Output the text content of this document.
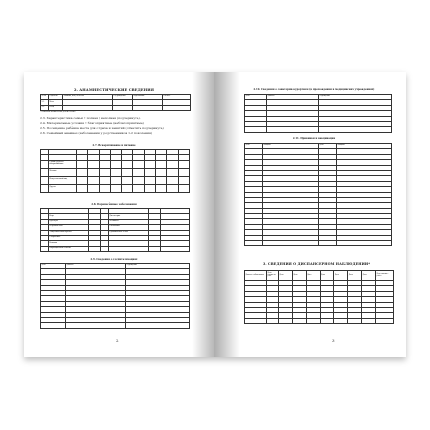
2. АНАМНЕСТИЧЕСКИЕ СВЕДЕНИЯ
№ п/п	Родители	Фамилия, имя, отчество	Год рождения	Образование	Раб.мес.
2.1.	Мать				
2.2.	Отец				
* Отметить количество детей в семье
2.3. Характеристика семьи • полная / неполная (подчеркнуть).
2.4. Материальные условия • благоприятные (неблагоприятные)
2.5. Посещение ребёнка места для отдыха и занятий (отметить подчеркнуть)
2.6. Семейный анамнез (заболевания у родственников 1-2 поколения)
2.7. Вскармливание и питание

	Сроки грудного вскармливания										
	Молоко										
	Искусственный вид										
	Другое										
2.8. Перенесённые заболевания

	Корь			Дизентерия		
	Краснуха			Менингит		
	Ветряная оспа			Пневмония		
	Эпидемический паротит			Бронхиальная астма		
	Скарлатина					
	Коклюш					
	Инфекционный гепатит					
2.9. Сведения о госпитализациях
Дата	Диагноз	Учреждение

2
2.10. Сведения о санатории-курортном (в прохождении в медицинских учреждениях)
Дата	Диагноз	Учреждение

2.11. Прививки и вакцинация
Дата	Вакцина	Дата	Вакцина

3. СВЕДЕНИЯ О ДИСПАНСЕРНОМ НАБЛЮДЕНИИ*
Диагноз заболевания	Дата взятия на учёт	Дата	Дата	Дата	Дата	Дата	Дата	Дата	Дата снятия с учёта

3
